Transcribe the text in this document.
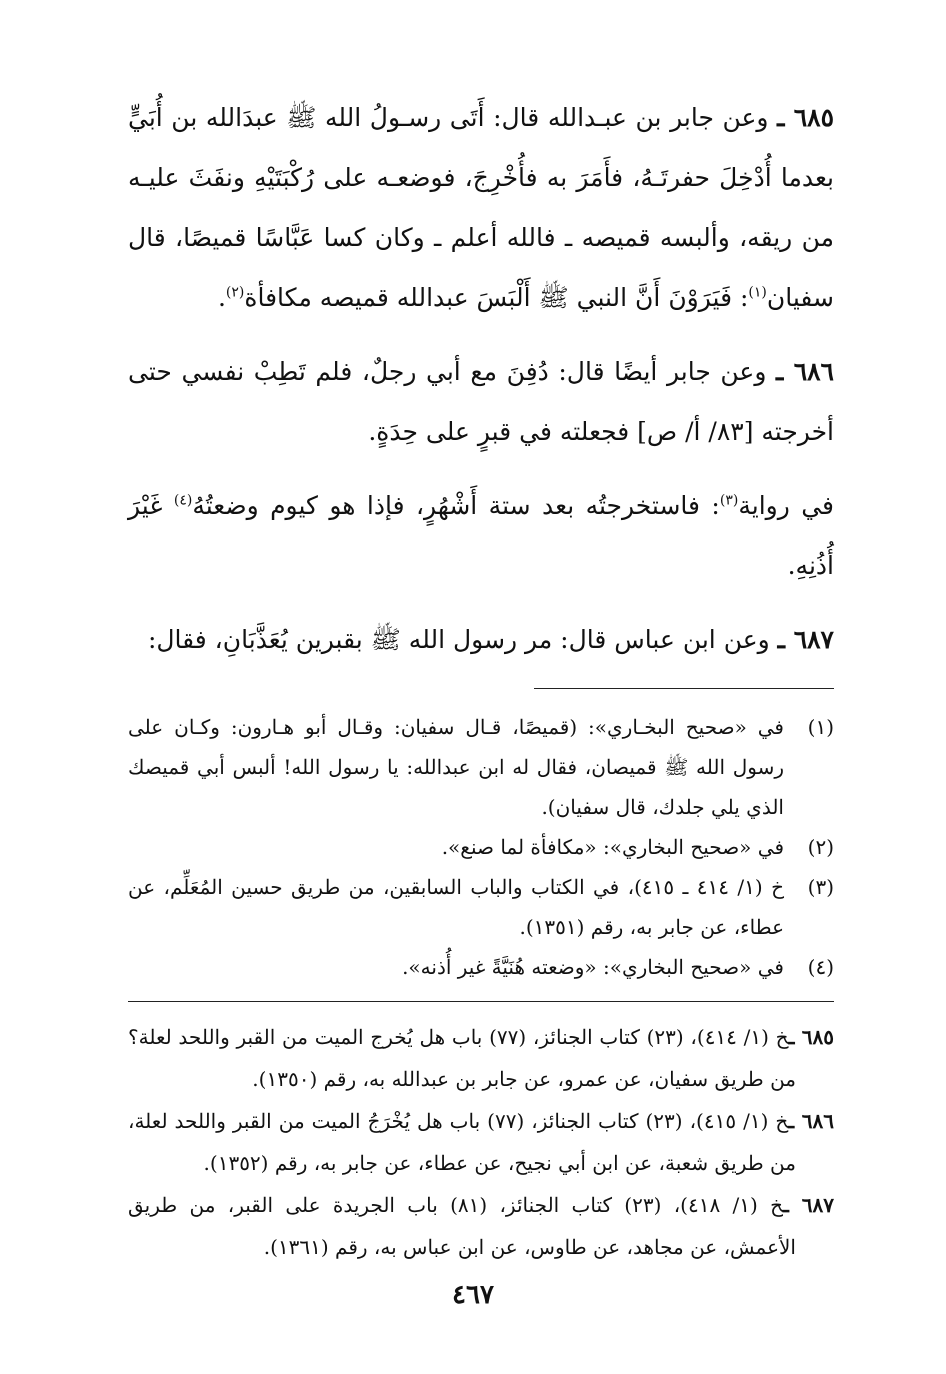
٦٨٥ ـ وعن جابر بن عبـدالله قال: أَتَى رسـولُ الله ﷺ عبدَالله بن أُبَيٍّ بعدما أُدْخِلَ حفرتَـهُ، فأَمَرَ به فأُخْرِجَ، فوضعـه على رُكْبَتَيْهِ ونفَثَ عليـه من ريقه، وألبسه قميصه ـ فالله أعلم ـ وكان كسا عَبَّاسًا قميصًا، قال سفيان$^{(١)}$: فَيَرَوْنَ أَنَّ النبي ﷺ أَلْبَسَ عبدالله قميصه مكافأة$^{(٢)}$.

٦٨٦ ـ وعن جابر أيضًا قال: دُفِنَ مع أبي رجلٌ، فلم تَطِبْ نفسي حتى أخرجته [٨٣/ أ/ ص] فجعلته في قبرٍ على حِدَةٍ.

في رواية$^{(٣)}$: فاستخرجتُه بعد ستة أَشْهُرٍ، فإذا هو كيوم وضعتُهُ$^{(٤)}$ غَيْرَ أُذُنِهِ.

٦٨٧ ـ وعن ابن عباس قال: مر رسول الله ﷺ بقبرين يُعَذَّبَانِ، فقال:

(١)في «صحيح البخـاري»: (قميصًا، قـال سفيان: وقـال أبو هـارون: وكـان على رسول الله ﷺ قميصان، فقال له ابن عبدالله: يا رسول الله! ألبس أبي قميصك الذي يلي جلدك، قال سفيان).

(٢)في «صحيح البخاري»: «مكافأة لما صنع».

(٣)خ (١/ ٤١٤ ـ ٤١٥)، في الكتاب والباب السابقين، من طريق حسين المُعَلِّم، عن عطاء، عن جابر به، رقم (١٣٥١).

(٤)في «صحيح البخاري»: «وضعته هُنَيَّةً غير أُذنه».

٦٨٥ ـخ (١/ ٤١٤)، (٢٣) كتاب الجنائز، (٧٧) باب هل يُخرج الميت من القبر واللحد لعلة؟ من طريق سفيان، عن عمرو، عن جابر بن عبدالله به، رقم (١٣٥٠).

٦٨٦ ـخ (١/ ٤١٥)، (٢٣) كتاب الجنائز، (٧٧) باب هل يُخْرَجُ الميت من القبر واللحد لعلة، من طريق شعبة، عن ابن أبي نجيح، عن عطاء، عن جابر به، رقم (١٣٥٢).

٦٨٧ ـخ (١/ ٤١٨)، (٢٣) كتاب الجنائز، (٨١) باب الجريدة على القبر، من طريق الأعمش، عن مجاهد، عن طاوس، عن ابن عباس به، رقم (١٣٦١).

٤٦٧
